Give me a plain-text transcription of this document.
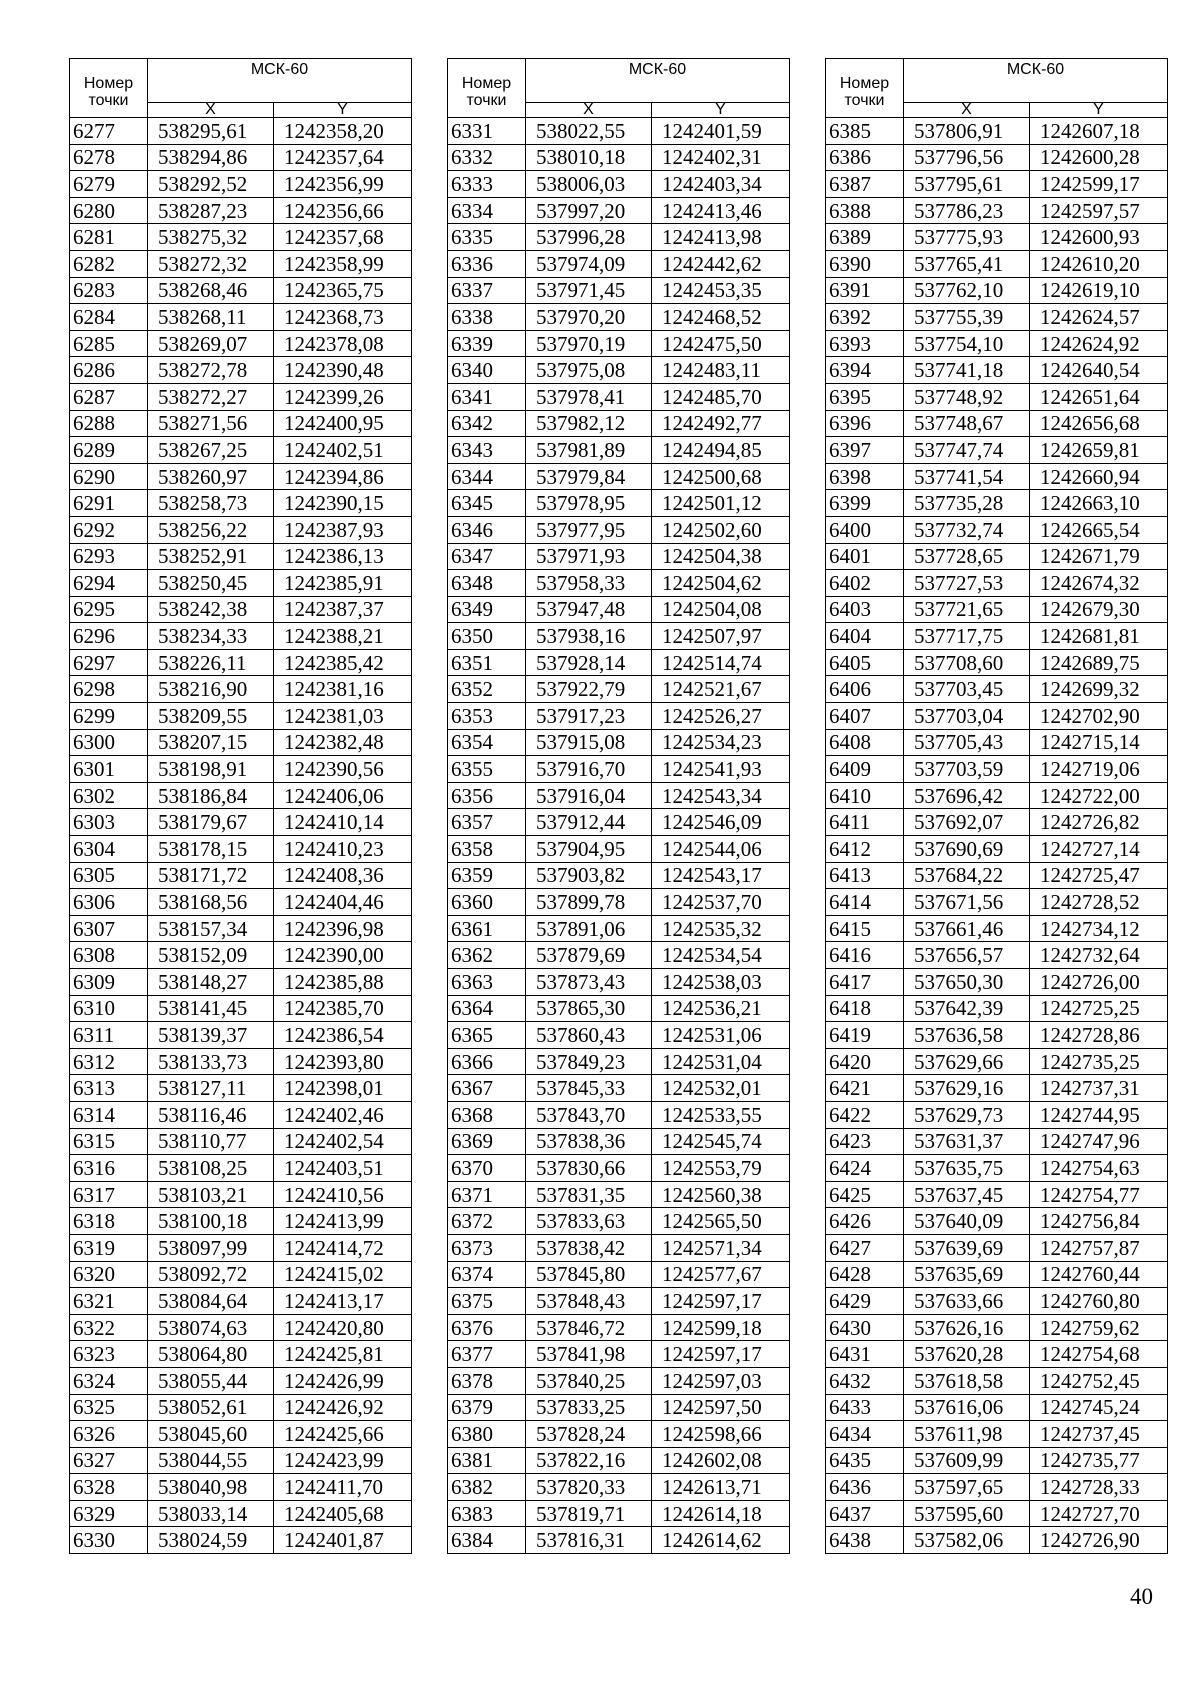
Номер
точки	МСК-60	
	X	Y
6277	538295,61	1242358,20
6278	538294,86	1242357,64
6279	538292,52	1242356,99
6280	538287,23	1242356,66
6281	538275,32	1242357,68
6282	538272,32	1242358,99
6283	538268,46	1242365,75
6284	538268,11	1242368,73
6285	538269,07	1242378,08
6286	538272,78	1242390,48
6287	538272,27	1242399,26
6288	538271,56	1242400,95
6289	538267,25	1242402,51
6290	538260,97	1242394,86
6291	538258,73	1242390,15
6292	538256,22	1242387,93
6293	538252,91	1242386,13
6294	538250,45	1242385,91
6295	538242,38	1242387,37
6296	538234,33	1242388,21
6297	538226,11	1242385,42
6298	538216,90	1242381,16
6299	538209,55	1242381,03
6300	538207,15	1242382,48
6301	538198,91	1242390,56
6302	538186,84	1242406,06
6303	538179,67	1242410,14
6304	538178,15	1242410,23
6305	538171,72	1242408,36
6306	538168,56	1242404,46
6307	538157,34	1242396,98
6308	538152,09	1242390,00
6309	538148,27	1242385,88
6310	538141,45	1242385,70
6311	538139,37	1242386,54
6312	538133,73	1242393,80
6313	538127,11	1242398,01
6314	538116,46	1242402,46
6315	538110,77	1242402,54
6316	538108,25	1242403,51
6317	538103,21	1242410,56
6318	538100,18	1242413,99
6319	538097,99	1242414,72
6320	538092,72	1242415,02
6321	538084,64	1242413,17
6322	538074,63	1242420,80
6323	538064,80	1242425,81
6324	538055,44	1242426,99
6325	538052,61	1242426,92
6326	538045,60	1242425,66
6327	538044,55	1242423,99
6328	538040,98	1242411,70
6329	538033,14	1242405,68
6330	538024,59	1242401,87
Номер
точки	МСК-60	
	X	Y
6331	538022,55	1242401,59
6332	538010,18	1242402,31
6333	538006,03	1242403,34
6334	537997,20	1242413,46
6335	537996,28	1242413,98
6336	537974,09	1242442,62
6337	537971,45	1242453,35
6338	537970,20	1242468,52
6339	537970,19	1242475,50
6340	537975,08	1242483,11
6341	537978,41	1242485,70
6342	537982,12	1242492,77
6343	537981,89	1242494,85
6344	537979,84	1242500,68
6345	537978,95	1242501,12
6346	537977,95	1242502,60
6347	537971,93	1242504,38
6348	537958,33	1242504,62
6349	537947,48	1242504,08
6350	537938,16	1242507,97
6351	537928,14	1242514,74
6352	537922,79	1242521,67
6353	537917,23	1242526,27
6354	537915,08	1242534,23
6355	537916,70	1242541,93
6356	537916,04	1242543,34
6357	537912,44	1242546,09
6358	537904,95	1242544,06
6359	537903,82	1242543,17
6360	537899,78	1242537,70
6361	537891,06	1242535,32
6362	537879,69	1242534,54
6363	537873,43	1242538,03
6364	537865,30	1242536,21
6365	537860,43	1242531,06
6366	537849,23	1242531,04
6367	537845,33	1242532,01
6368	537843,70	1242533,55
6369	537838,36	1242545,74
6370	537830,66	1242553,79
6371	537831,35	1242560,38
6372	537833,63	1242565,50
6373	537838,42	1242571,34
6374	537845,80	1242577,67
6375	537848,43	1242597,17
6376	537846,72	1242599,18
6377	537841,98	1242597,17
6378	537840,25	1242597,03
6379	537833,25	1242597,50
6380	537828,24	1242598,66
6381	537822,16	1242602,08
6382	537820,33	1242613,71
6383	537819,71	1242614,18
6384	537816,31	1242614,62
Номер
точки	МСК-60	
	X	Y
6385	537806,91	1242607,18
6386	537796,56	1242600,28
6387	537795,61	1242599,17
6388	537786,23	1242597,57
6389	537775,93	1242600,93
6390	537765,41	1242610,20
6391	537762,10	1242619,10
6392	537755,39	1242624,57
6393	537754,10	1242624,92
6394	537741,18	1242640,54
6395	537748,92	1242651,64
6396	537748,67	1242656,68
6397	537747,74	1242659,81
6398	537741,54	1242660,94
6399	537735,28	1242663,10
6400	537732,74	1242665,54
6401	537728,65	1242671,79
6402	537727,53	1242674,32
6403	537721,65	1242679,30
6404	537717,75	1242681,81
6405	537708,60	1242689,75
6406	537703,45	1242699,32
6407	537703,04	1242702,90
6408	537705,43	1242715,14
6409	537703,59	1242719,06
6410	537696,42	1242722,00
6411	537692,07	1242726,82
6412	537690,69	1242727,14
6413	537684,22	1242725,47
6414	537671,56	1242728,52
6415	537661,46	1242734,12
6416	537656,57	1242732,64
6417	537650,30	1242726,00
6418	537642,39	1242725,25
6419	537636,58	1242728,86
6420	537629,66	1242735,25
6421	537629,16	1242737,31
6422	537629,73	1242744,95
6423	537631,37	1242747,96
6424	537635,75	1242754,63
6425	537637,45	1242754,77
6426	537640,09	1242756,84
6427	537639,69	1242757,87
6428	537635,69	1242760,44
6429	537633,66	1242760,80
6430	537626,16	1242759,62
6431	537620,28	1242754,68
6432	537618,58	1242752,45
6433	537616,06	1242745,24
6434	537611,98	1242737,45
6435	537609,99	1242735,77
6436	537597,65	1242728,33
6437	537595,60	1242727,70
6438	537582,06	1242726,90
40
